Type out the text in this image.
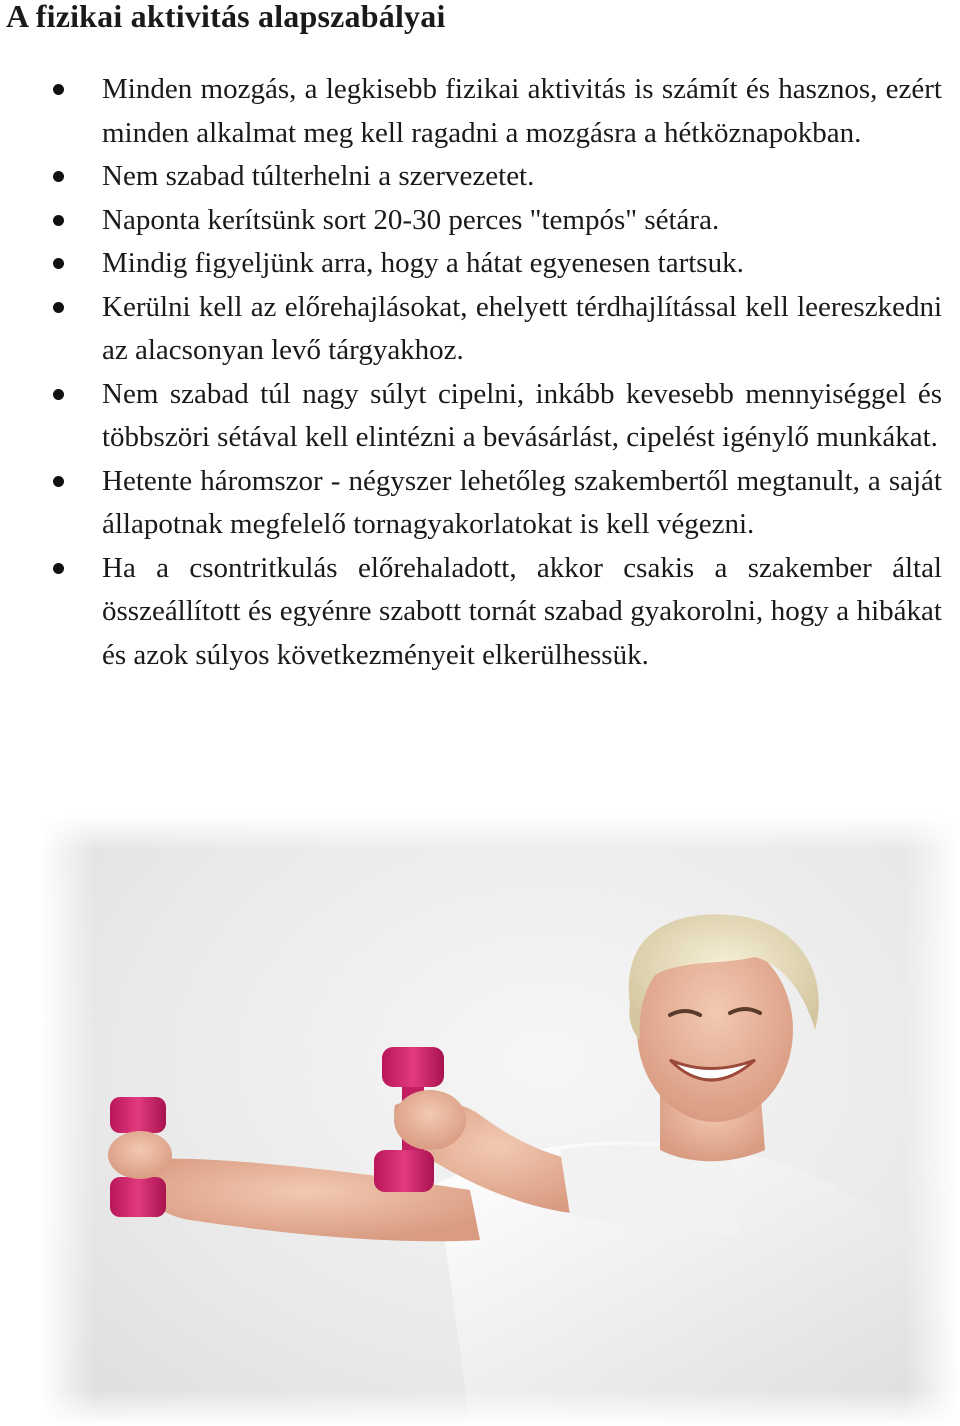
A fizikai aktivitás alapszabályai
Minden mozgás, a legkisebb fizikai aktivitás is számít és hasznos, ezért minden alkalmat meg kell ragadni a mozgásra a hétköznapokban.
Nem szabad túlterhelni a szervezetet.
Naponta kerítsünk sort 20-30 perces "tempós" sétára.
Mindig figyeljünk arra, hogy a hátat egyenesen tartsuk.
Kerülni kell az előrehajlásokat, ehelyett térdhajlítással kell leereszkedni az alacsonyan levő tárgyakhoz.
Nem szabad túl nagy súlyt cipelni, inkább kevesebb mennyiséggel és többszöri sétával kell elintézni a bevásárlást, cipelést igénylő munkákat.
Hetente háromszor - négyszer lehetőleg szakembertől megtanult, a saját állapotnak megfelelő tornagyakorlatokat is kell végezni.
Ha a csontritkulás előrehaladott, akkor csakis a szakember által összeállított és egyénre szabott tornát szabad gyakorolni, hogy a hibákat és azok súlyos következményeit elkerülhessük.
